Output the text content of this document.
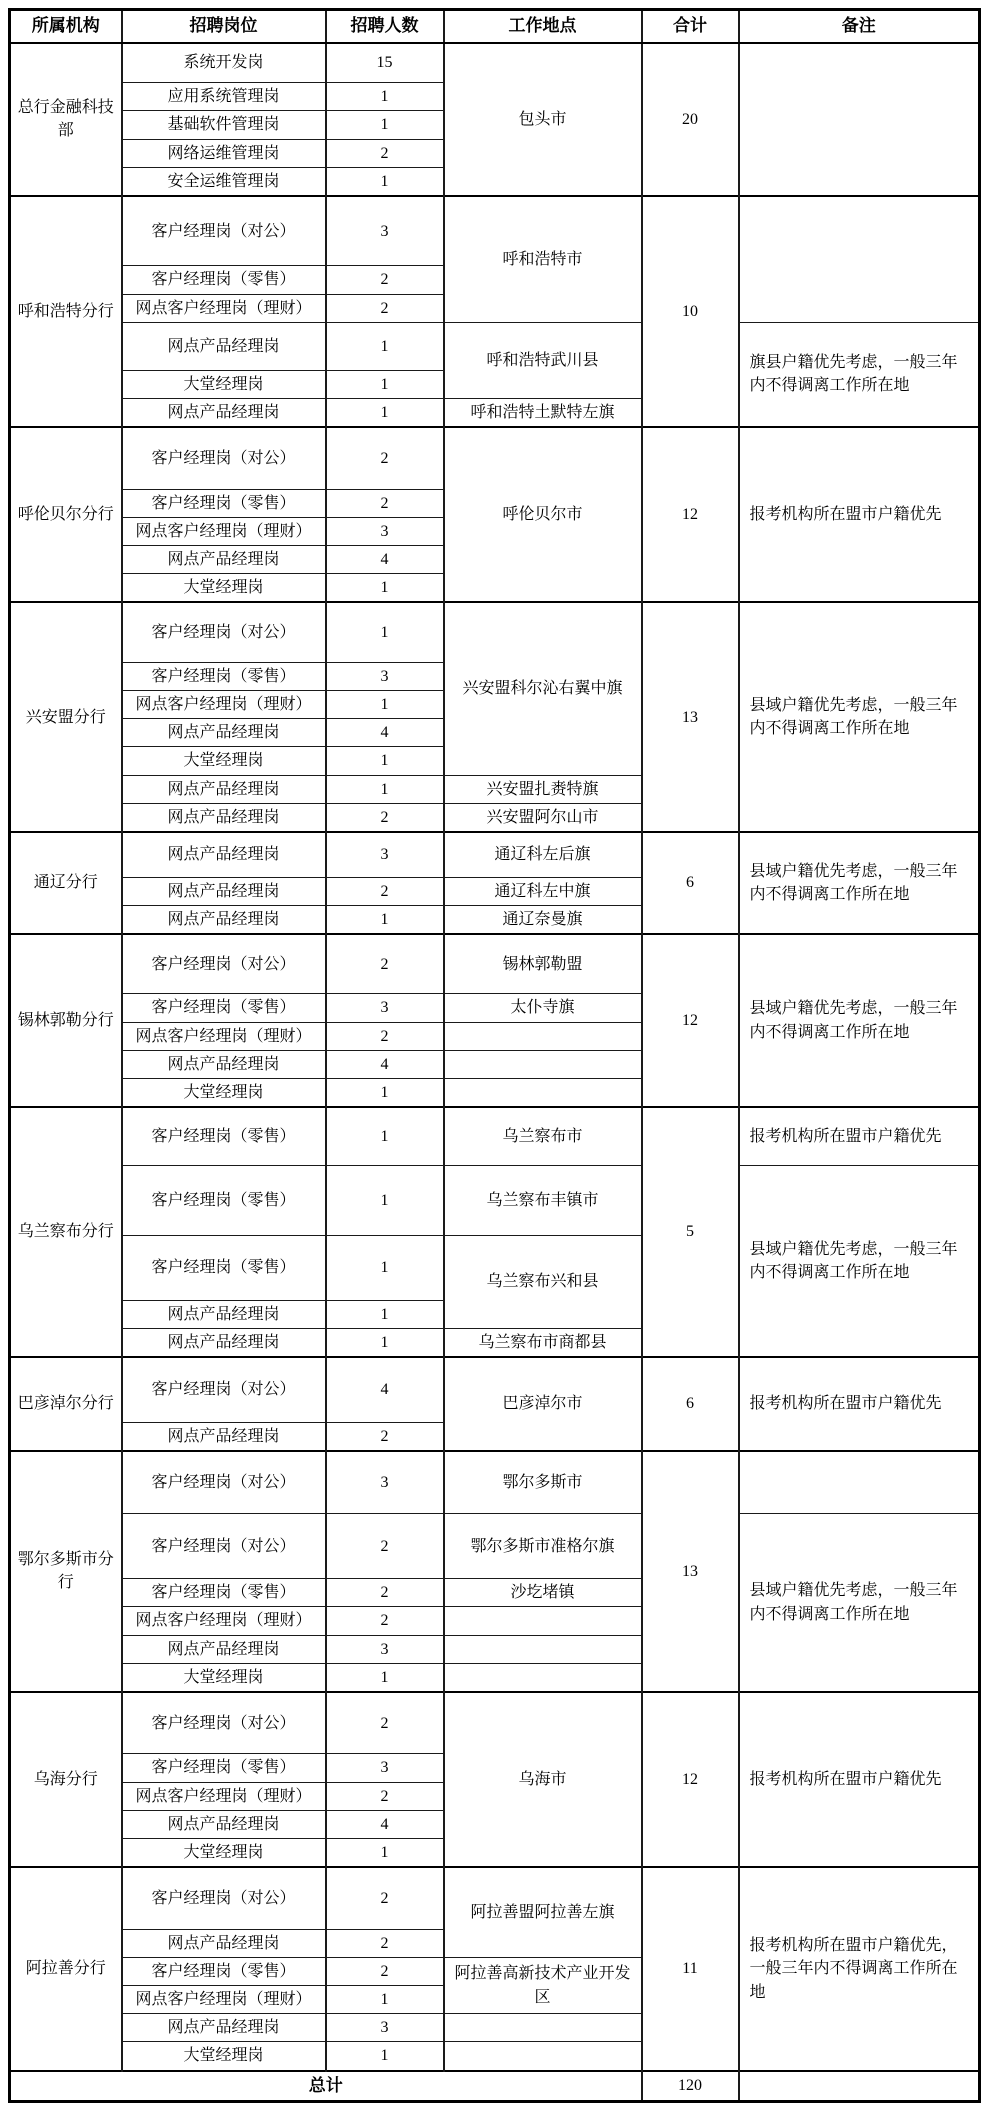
所属机构	招聘岗位	招聘人数	工作地点	合计	备注
总行金融科技部	系统开发岗	15	包头市	20	
	应用系统管理岗	1			
	基础软件管理岗	1			
	网络运维管理岗	2			
	安全运维管理岗	1			
呼和浩特分行	客户经理岗（对公）	3	呼和浩特市	10	
	客户经理岗（零售）	2			
	网点客户经理岗（理财）	2			
	网点产品经理岗	1	呼和浩特武川县		旗县户籍优先考虑，一般三年内不得调离工作所在地
	大堂经理岗	1			
	网点产品经理岗	1	呼和浩特土默特左旗		
呼伦贝尔分行	客户经理岗（对公）	2	呼伦贝尔市	12	报考机构所在盟市户籍优先
	客户经理岗（零售）	2			
	网点客户经理岗（理财）	3			
	网点产品经理岗	4			
	大堂经理岗	1			
兴安盟分行	客户经理岗（对公）	1	兴安盟科尔沁右翼中旗	13	县域户籍优先考虑，一般三年内不得调离工作所在地
	客户经理岗（零售）	3			
	网点客户经理岗（理财）	1			
	网点产品经理岗	4			
	大堂经理岗	1			
	网点产品经理岗	1	兴安盟扎赉特旗		
	网点产品经理岗	2	兴安盟阿尔山市		
通辽分行	网点产品经理岗	3	通辽科左后旗	6	县域户籍优先考虑，一般三年内不得调离工作所在地
	网点产品经理岗	2	通辽科左中旗		
	网点产品经理岗	1	通辽奈曼旗		
锡林郭勒分行	客户经理岗（对公）	2	锡林郭勒盟	12	县域户籍优先考虑，一般三年内不得调离工作所在地
	客户经理岗（零售）	3	太仆寺旗		
	网点客户经理岗（理财）	2			
	网点产品经理岗	4			
	大堂经理岗	1			
乌兰察布分行	客户经理岗（零售）	1	乌兰察布市	5	报考机构所在盟市户籍优先
	客户经理岗（零售）	1	乌兰察布丰镇市		县域户籍优先考虑，一般三年内不得调离工作所在地
	客户经理岗（零售）	1	乌兰察布兴和县		
	网点产品经理岗	1			
	网点产品经理岗	1	乌兰察布市商都县		
巴彦淖尔分行	客户经理岗（对公）	4	巴彦淖尔市	6	报考机构所在盟市户籍优先
	网点产品经理岗	2			
鄂尔多斯市分行	客户经理岗（对公）	3	鄂尔多斯市	13	
	客户经理岗（对公）	2	鄂尔多斯市准格尔旗		县域户籍优先考虑，一般三年内不得调离工作所在地
	客户经理岗（零售）	2	沙圪堵镇		
	网点客户经理岗（理财）	2			
	网点产品经理岗	3			
	大堂经理岗	1			
乌海分行	客户经理岗（对公）	2	乌海市	12	报考机构所在盟市户籍优先
	客户经理岗（零售）	3			
	网点客户经理岗（理财）	2			
	网点产品经理岗	4			
	大堂经理岗	1			
阿拉善分行	客户经理岗（对公）	2	阿拉善盟阿拉善左旗	11	报考机构所在盟市户籍优先，一般三年内不得调离工作所在地
	网点产品经理岗	2			
	客户经理岗（零售）	2	阿拉善高新技术产业开发区		
	网点客户经理岗（理财）	1			
	网点产品经理岗	3			
	大堂经理岗	1			
总计				120	
